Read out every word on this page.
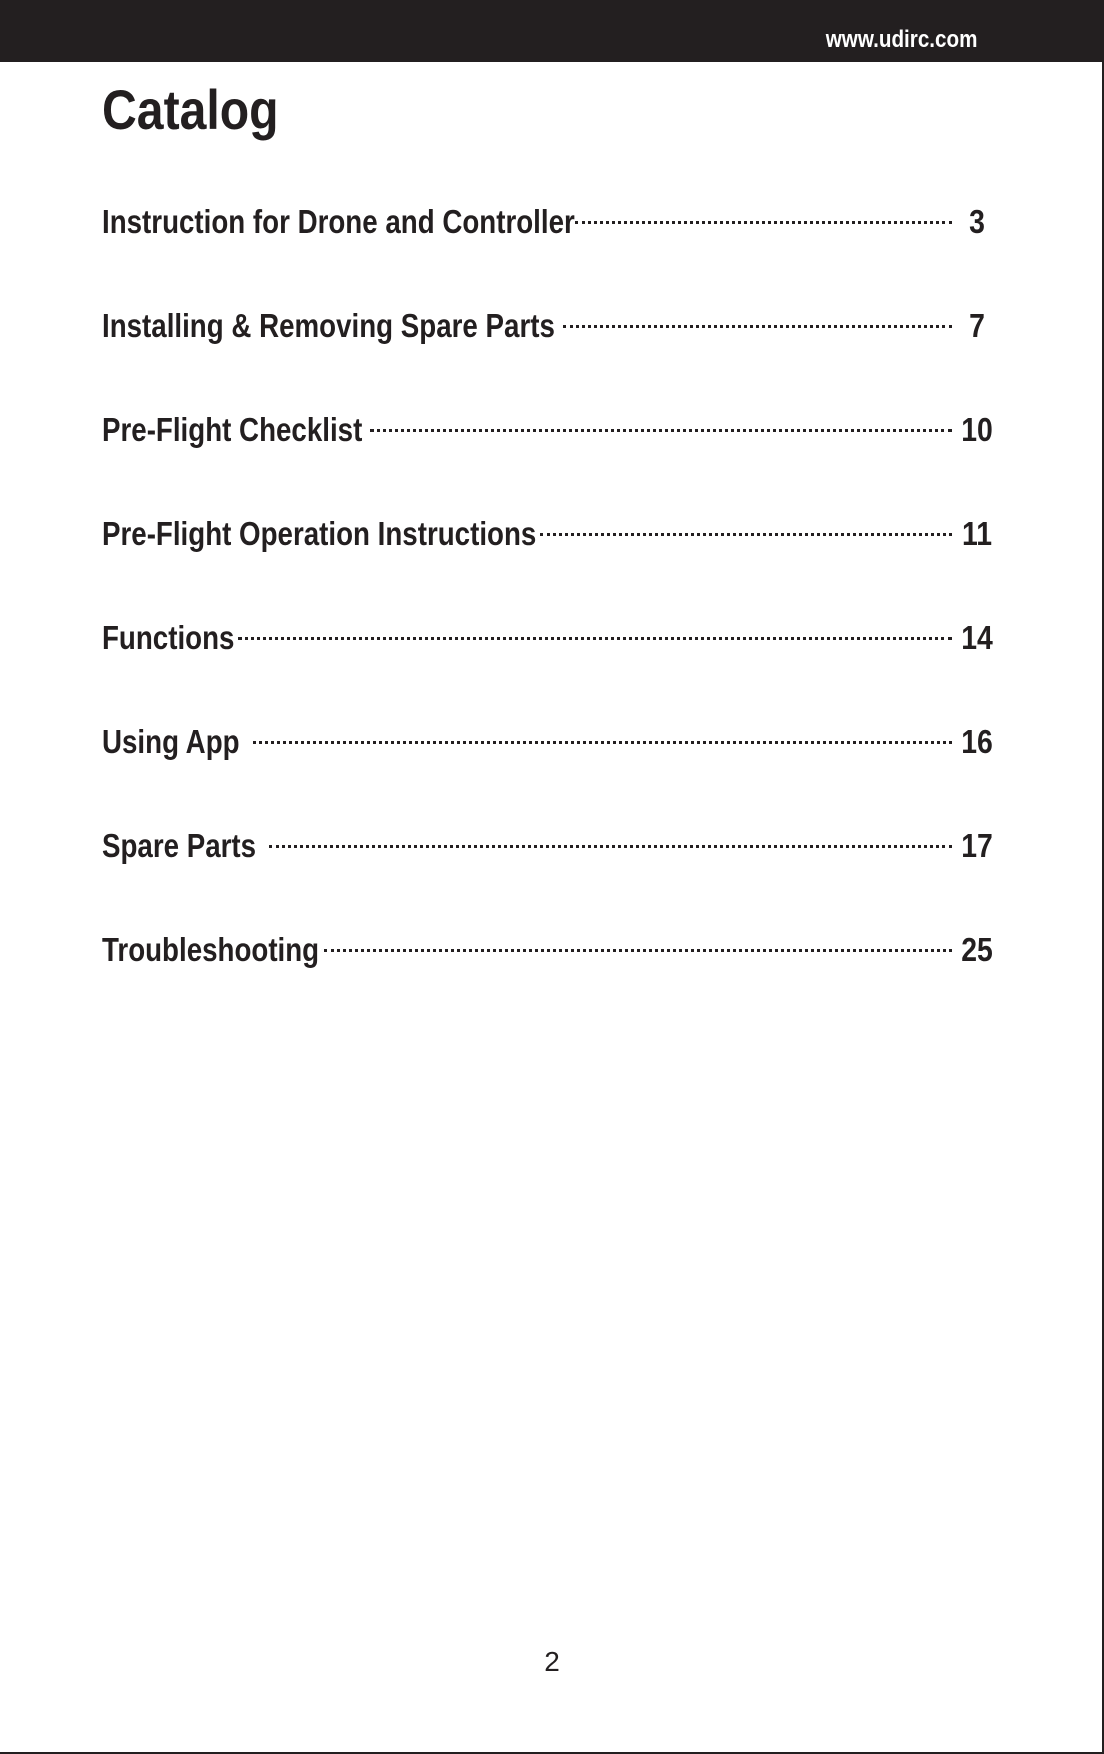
www.udirc.com
Catalog
Instruction for Drone and Controller	3
Installing & Removing Spare Parts	7
Pre-Flight Checklist	10
Pre-Flight Operation Instructions	11
Functions	14
Using App	16
Spare Parts	17
Troubleshooting	25
2
